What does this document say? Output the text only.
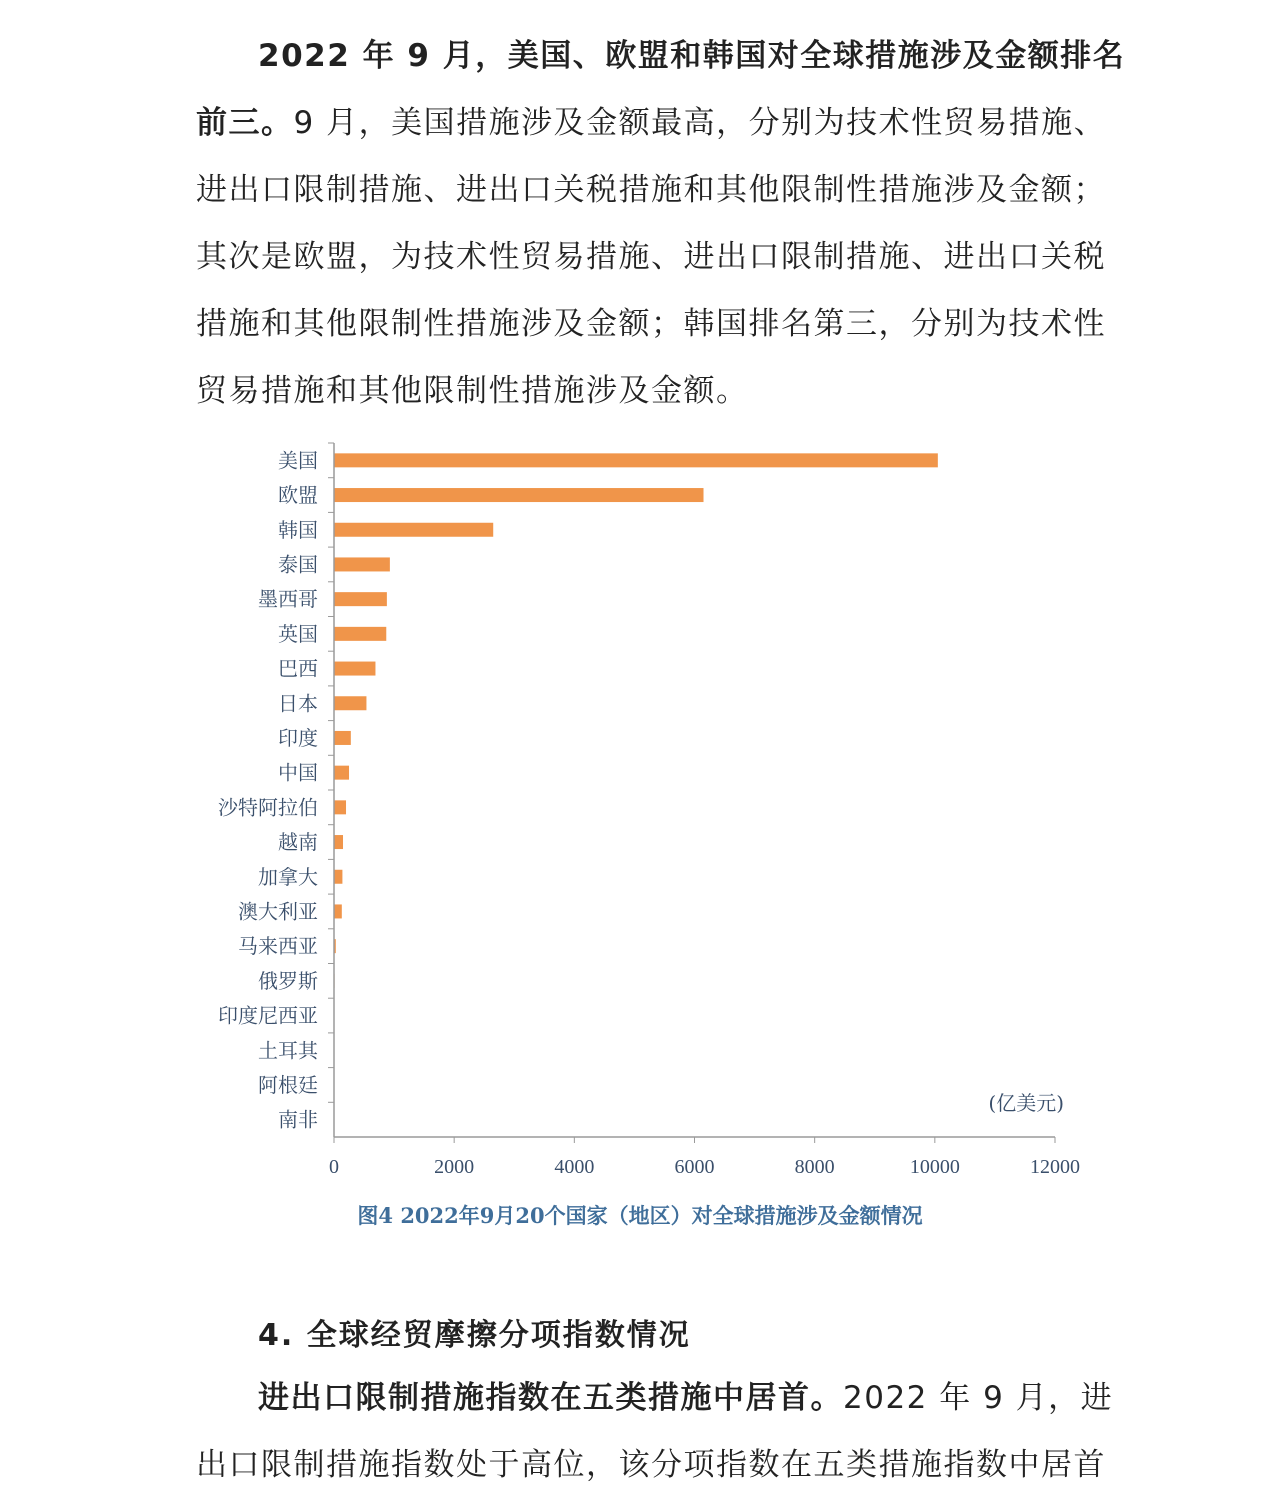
2022 年 9 月，美国、欧盟和韩国对全球措施涉及金额排名
前三。9 月，美国措施涉及金额最高，分别为技术性贸易措施、
进出口限制措施、进出口关税措施和其他限制性措施涉及金额；
其次是欧盟，为技术性贸易措施、进出口限制措施、进出口关税
措施和其他限制性措施涉及金额；韩国排名第三，分别为技术性
贸易措施和其他限制性措施涉及金额。
美国
欧盟
韩国
泰国
墨西哥
英国
巴西
日本
印度
中国
沙特阿拉伯
越南
加拿大
澳大利亚
马来西亚
俄罗斯
印度尼西亚
土耳其
阿根廷
南非
0	2000	4000	6000	8000	10000	12000
(亿美元)
图4 2022年9月20个国家（地区）对全球措施涉及金额情况
4. 全球经贸摩擦分项指数情况
进出口限制措施指数在五类措施中居首。2022 年 9 月，进
出口限制措施指数处于高位，该分项指数在五类措施指数中居首
